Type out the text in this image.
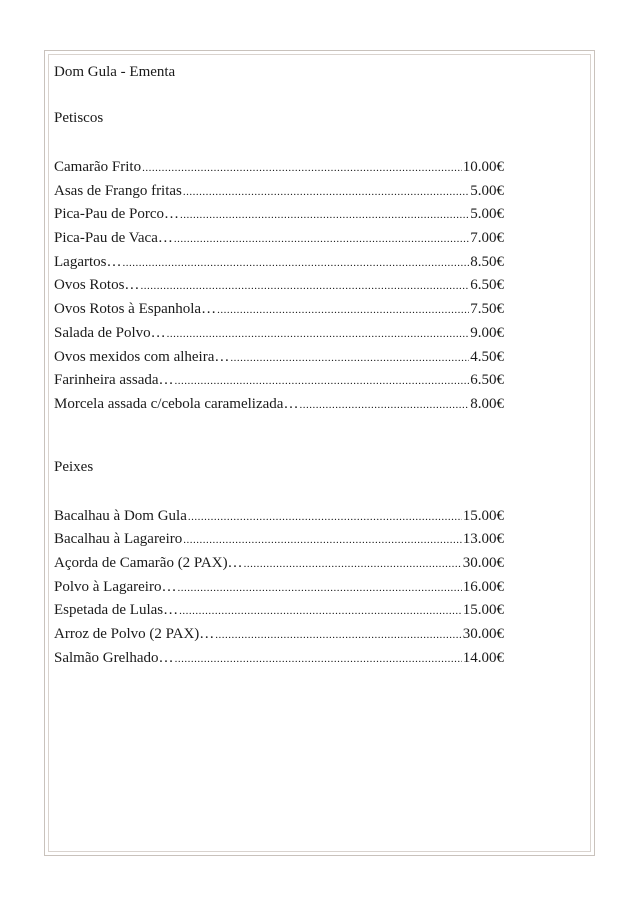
Dom Gula - Ementa
Petiscos
Camarão Frito .....	10.00€
Asas de Frango fritas .....	5.00€
Pica-Pau de Porco… .....	5.00€
Pica-Pau de Vaca… .....	7.00€
Lagartos… .....	8.50€
Ovos Rotos… .....	6.50€
Ovos Rotos à Espanhola… .....	7.50€
Salada de Polvo… .....	9.00€
Ovos mexidos com alheira… .....	4.50€
Farinheira assada… .....	6.50€
Morcela assada c/cebola caramelizada… .....	8.00€
Peixes
Bacalhau à Dom Gula .....	15.00€
Bacalhau à Lagareiro .....	13.00€
Açorda de Camarão (2 PAX)… .....	30.00€
Polvo à Lagareiro… .....	16.00€
Espetada de Lulas… .....	15.00€
Arroz de Polvo (2 PAX)… .....	30.00€
Salmão Grelhado… .....	14.00€
